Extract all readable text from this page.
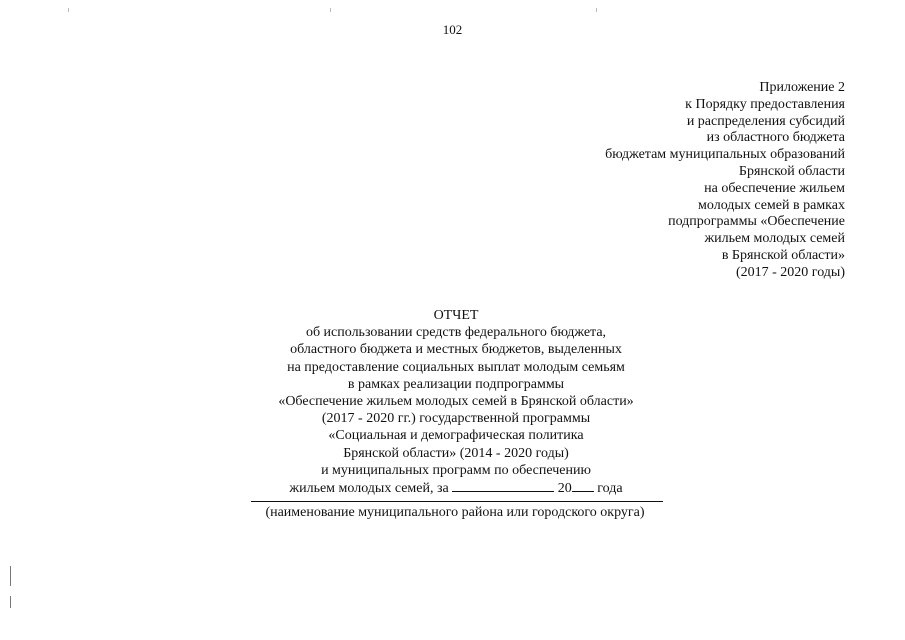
102
Приложение 2
к Порядку предоставления
и распределения субсидий
из областного бюджета
бюджетам муниципальных образований
Брянской области
на обеспечение жильем
молодых семей в рамках
подпрограммы «Обеспечение
жильем молодых семей
в Брянской области»
(2017 - 2020 годы)
ОТЧЕТ
об использовании средств федерального бюджета,
областного бюджета и местных бюджетов, выделенных
на предоставление социальных выплат молодым семьям
в рамках реализации подпрограммы
«Обеспечение жильем молодых семей в Брянской области»
(2017 - 2020 гг.) государственной программы
«Социальная и демографическая политика
Брянской области» (2014 - 2020 годы)
и муниципальных программ по обеспечению
жильем молодых семей, за	20 года
(наименование муниципального района или городского округа)
